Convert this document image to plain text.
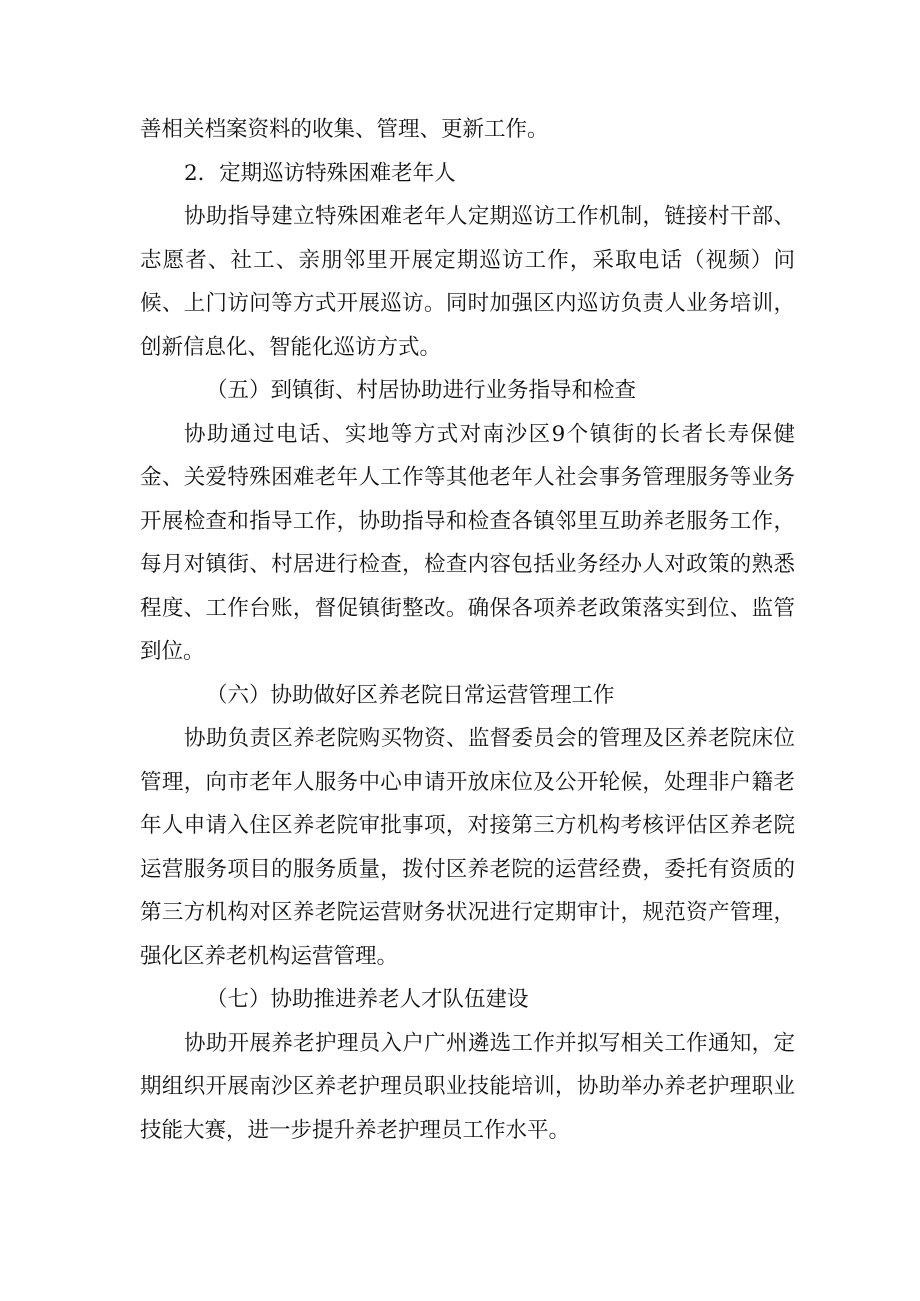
善相关档案资料的收集、管理、更新工作。

2．定期巡访特殊困难老年人

协助指导建立特殊困难老年人定期巡访工作机制，链接村干部、志愿者、社工、亲朋邻里开展定期巡访工作，采取电话（视频）问候、上门访问等方式开展巡访。同时加强区内巡访负责人业务培训，创新信息化、智能化巡访方式。

（五）到镇街、村居协助进行业务指导和检查

协助通过电话、实地等方式对南沙区9个镇街的长者长寿保健金、关爱特殊困难老年人工作等其他老年人社会事务管理服务等业务开展检查和指导工作，协助指导和检查各镇邻里互助养老服务工作，每月对镇街、村居进行检查，检查内容包括业务经办人对政策的熟悉程度、工作台账，督促镇街整改。确保各项养老政策落实到位、监管到位。

（六）协助做好区养老院日常运营管理工作

协助负责区养老院购买物资、监督委员会的管理及区养老院床位管理，向市老年人服务中心申请开放床位及公开轮候，处理非户籍老年人申请入住区养老院审批事项，对接第三方机构考核评估区养老院运营服务项目的服务质量，拨付区养老院的运营经费，委托有资质的第三方机构对区养老院运营财务状况进行定期审计，规范资产管理，强化区养老机构运营管理。

（七）协助推进养老人才队伍建设

协助开展养老护理员入户广州遴选工作并拟写相关工作通知，定期组织开展南沙区养老护理员职业技能培训，协助举办养老护理职业技能大赛，进一步提升养老护理员工作水平。
